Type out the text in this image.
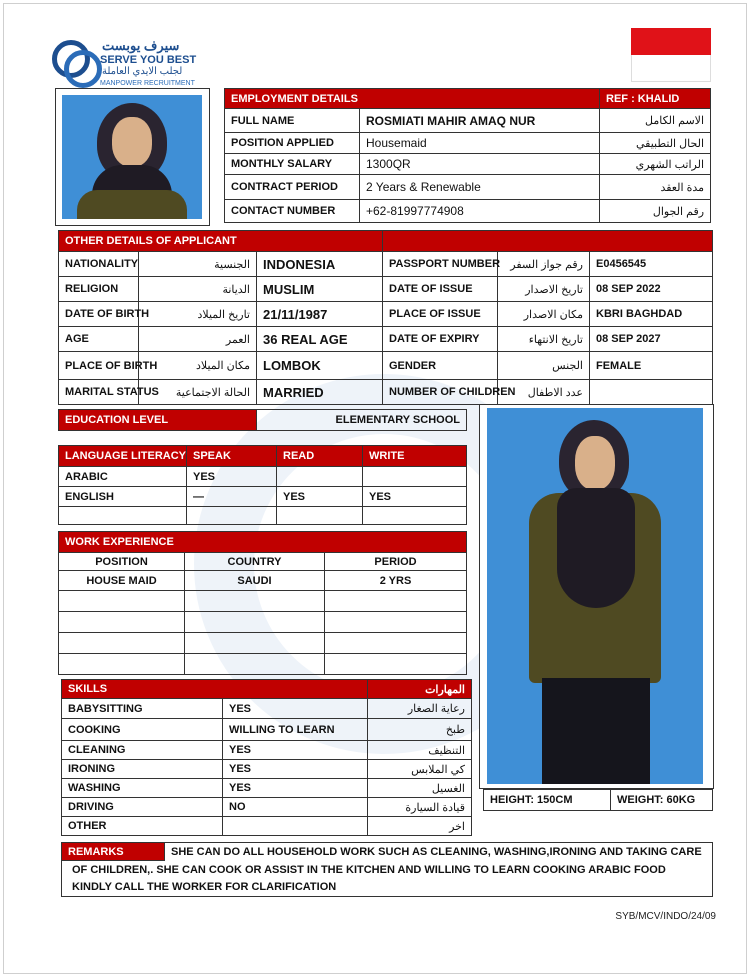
سيرف يوبست
SERVE YOU BEST
لجلب الايدي العاملة
MANPOWER RECRUITMENT
EMPLOYMENT DETAILS		REF : KHALID
FULL NAME	ROSMIATI MAHIR AMAQ NUR	الاسم الكامل
POSITION APPLIED	Housemaid	الحال التطبيقي
MONTHLY SALARY	1300QR	الراتب الشهري
CONTRACT PERIOD	2 Years & Renewable	مدة العقد
CONTACT NUMBER	+62-81997774908	رقم الجوال
OTHER DETAILS OF APPLICANT					
NATIONALITY	الجنسية	INDONESIA	PASSPORT NUMBER	رقم جواز السفر	E0456545
RELIGION	الديانة	MUSLIM	DATE OF ISSUE	تاريخ الاصدار	08 SEP 2022
DATE OF BIRTH	تاريخ الميلاد	21/11/1987	PLACE OF ISSUE	مكان الاصدار	KBRI BAGHDAD
AGE	العمر	36 REAL AGE	DATE OF EXPIRY	تاريخ الانتهاء	08 SEP 2027
PLACE OF BIRTH	مكان الميلاد	LOMBOK	GENDER	الجنس	FEMALE
MARITAL STATUS	الحالة الاجتماعية	MARRIED	NUMBER OF CHILDREN	عدد الاطفال	
EDUCATION LEVEL	ELEMENTARY SCHOOL
LANGUAGE LITERACY	SPEAK	READ	WRITE
ARABIC	YES		
ENGLISH	—	YES	YES

WORK EXPERIENCE		
POSITION	COUNTRY	PERIOD
HOUSE MAID	SAUDI	2 YRS

HEIGHT: 150CM	WEIGHT: 60KG
SKILLS		المهارات
BABYSITTING	YES	رعاية الصغار
COOKING	WILLING TO LEARN	طبخ
CLEANING	YES	التنظيف
IRONING	YES	كي الملابس
WASHING	YES	الغسيل
DRIVING	NO	قيادة السيارة
OTHER		اخر
REMARKS	SHE CAN DO ALL HOUSEHOLD WORK SUCH AS CLEANING, WASHING,IRONING AND TAKING CARE
OF CHILDREN,. SHE CAN COOK OR ASSIST IN THE KITCHEN AND WILLING TO LEARN COOKING ARABIC FOOD
KINDLY CALL THE WORKER FOR CLARIFICATION
SYB/MCV/INDO/24/09
